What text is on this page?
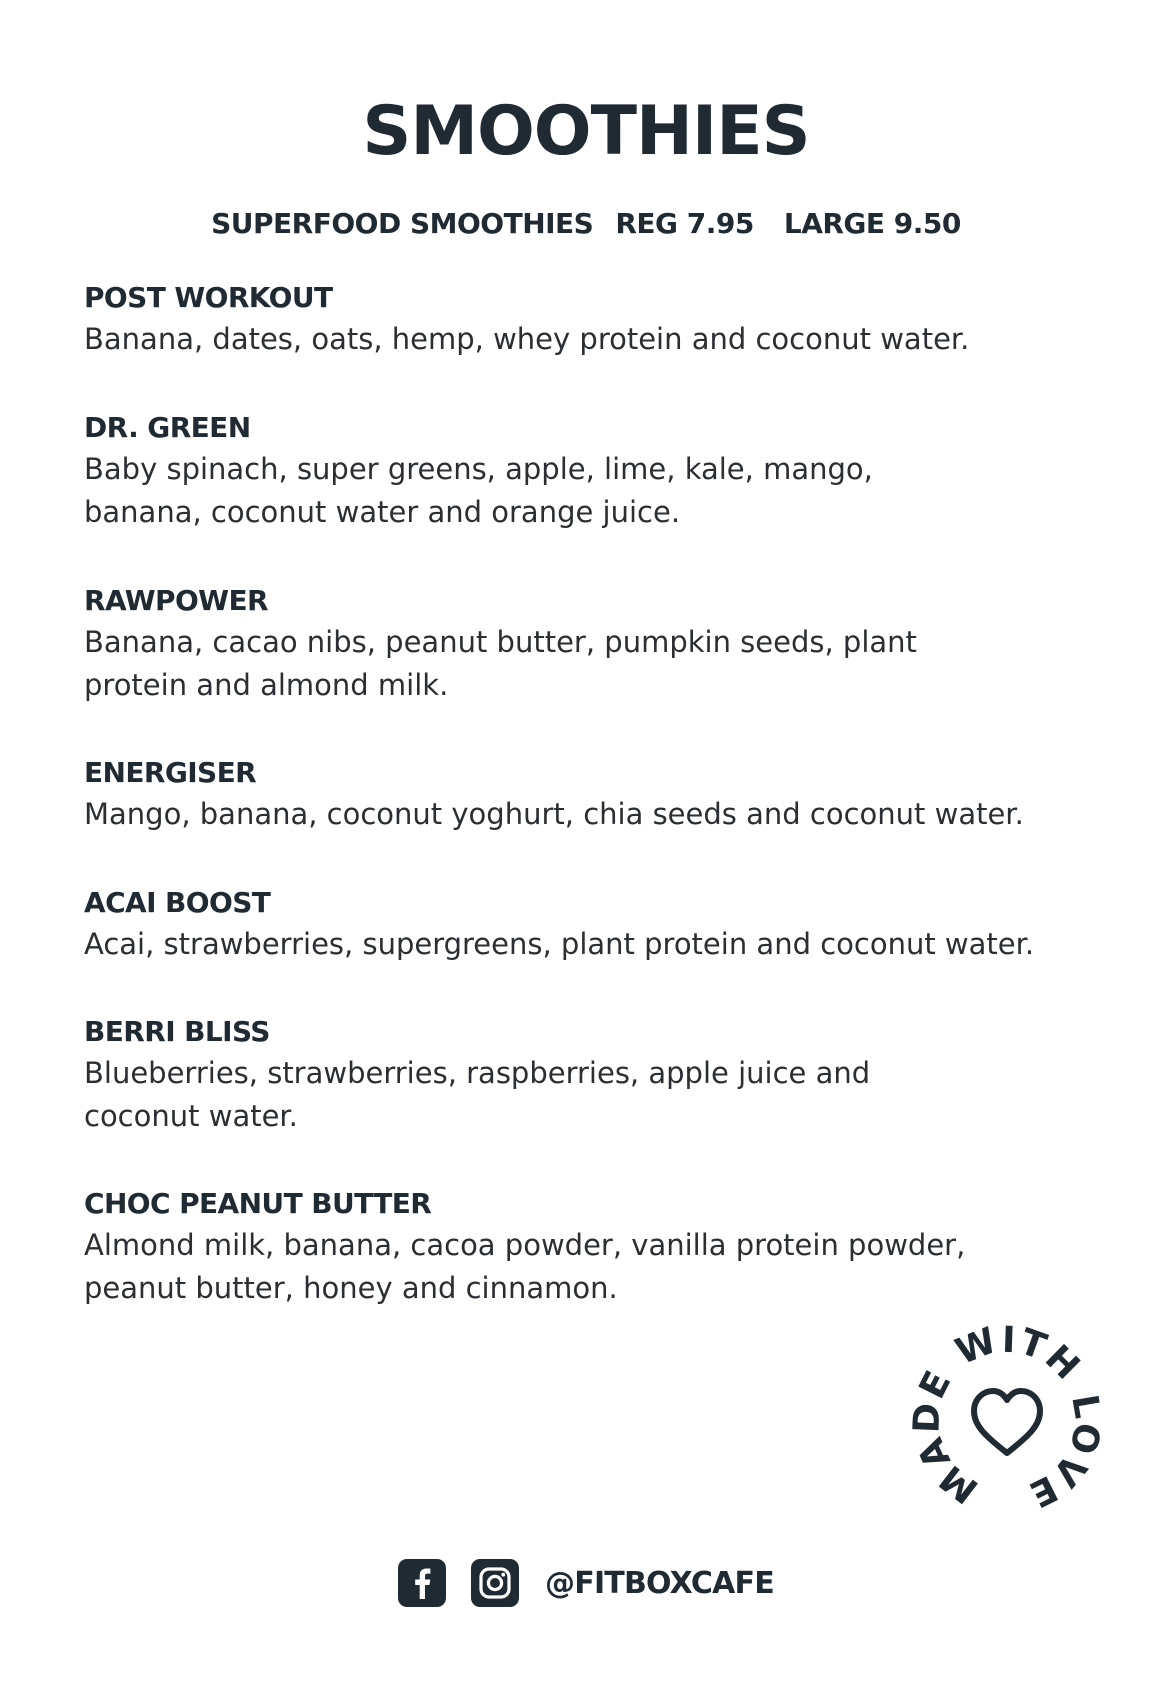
SMOOTHIES
SUPERFOOD SMOOTHIES REG 7.95 LARGE 9.50
POST WORKOUT
Banana, dates, oats, hemp, whey protein and coconut water.
DR. GREEN
Baby spinach, super greens, apple, lime, kale, mango,
banana, coconut water and orange juice.
RAWPOWER
Banana, cacao nibs, peanut butter, pumpkin seeds, plant
protein and almond milk.
ENERGISER
Mango, banana, coconut yoghurt, chia seeds and coconut water.
ACAI BOOST
Acai, strawberries, supergreens, plant protein and coconut water.
BERRI BLISS
Blueberries, strawberries, raspberries, apple juice and
coconut water.
CHOC PEANUT BUTTER
Almond milk, banana, cacoa powder, vanilla protein powder,
peanut butter, honey and cinnamon.
MA E WITH VE
@FITBOXCAFE
